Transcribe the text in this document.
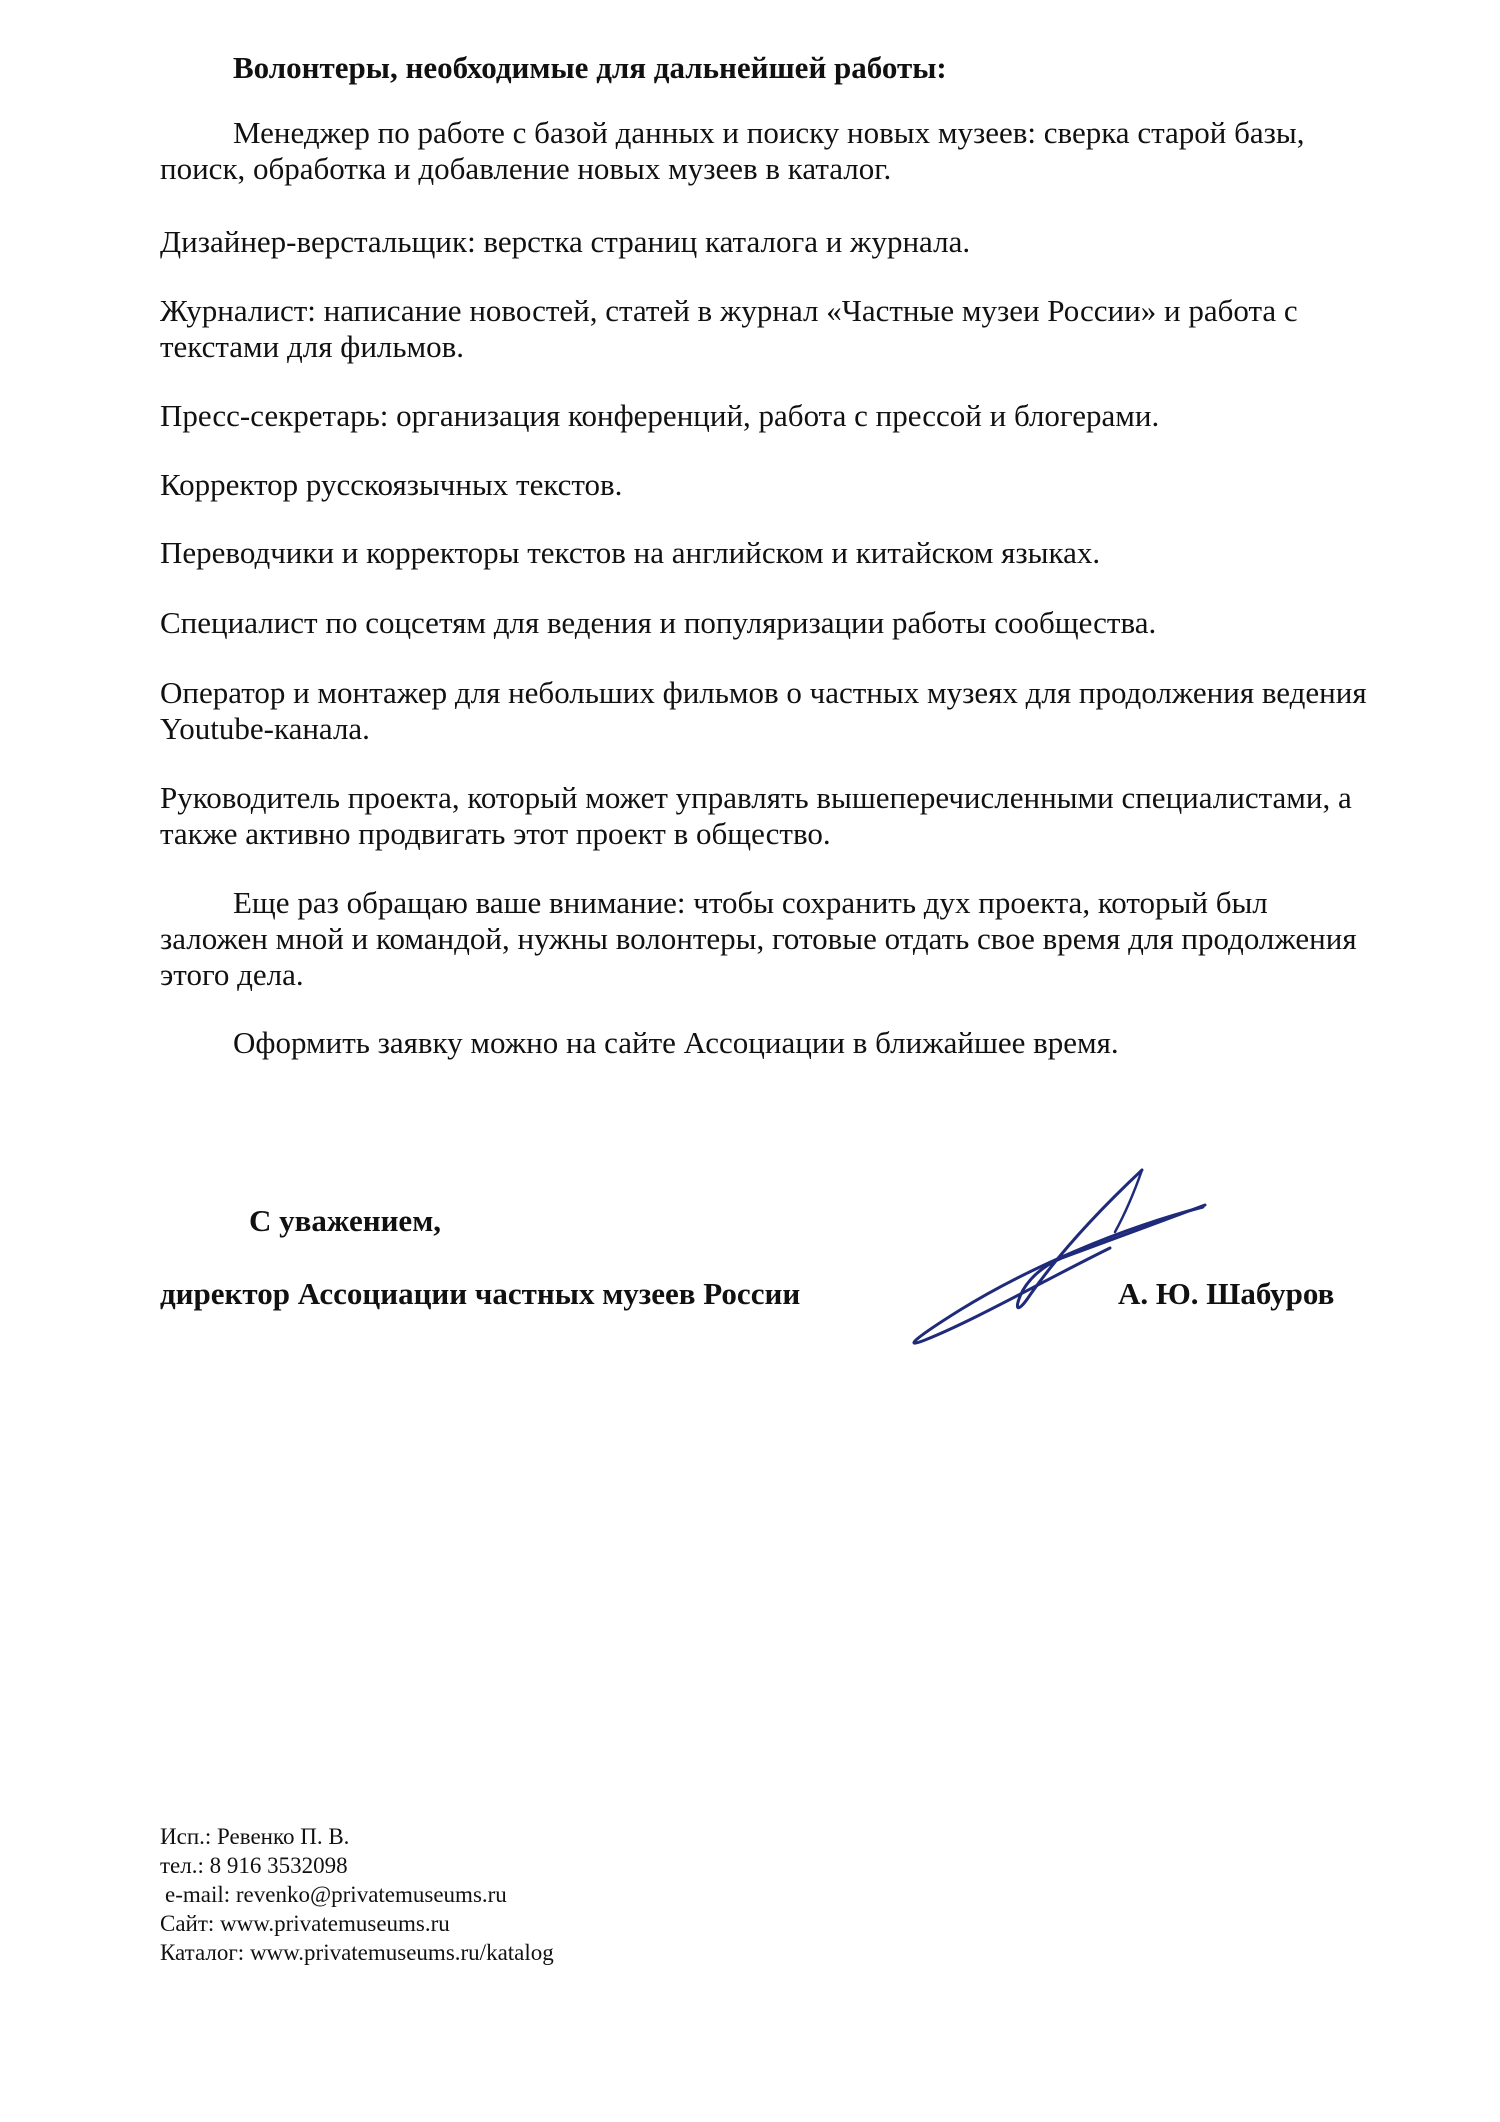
Волонтеры, необходимые для дальнейшей работы:

Менеджер по работе с базой данных и поиску новых музеев: сверка старой базы, поиск, обработка и добавление новых музеев в каталог.

Дизайнер-верстальщик: верстка страниц каталога и журнала.

Журналист: написание новостей, статей в журнал «Частные музеи России» и работа с текстами для фильмов.

Пресс-секретарь: организация конференций, работа с прессой и блогерами.

Корректор русскоязычных текстов.

Переводчики и корректоры текстов на английском и китайском языках.

Специалист по соцсетям для ведения и популяризации работы сообщества.

Оператор и монтажер для небольших фильмов о частных музеях для продолжения ведения Youtube-канала.

Руководитель проекта, который может управлять вышеперечисленными специалистами, а также активно продвигать этот проект в общество.

Еще раз обращаю ваше внимание: чтобы сохранить дух проекта, который был заложен мной и командой, нужны волонтеры, готовые отдать свое время для продолжения этого дела.

Оформить заявку можно на сайте Ассоциации в ближайшее время.

С уважением,
директор Ассоциации частных музеев России	А. Ю. Шабуров
Исп.: Ревенко П. В.
тел.: 8 916 3532098
e-mail: revenko@privatemuseums.ru
Сайт: www.privatemuseums.ru
Каталог: www.privatemuseums.ru/katalog
